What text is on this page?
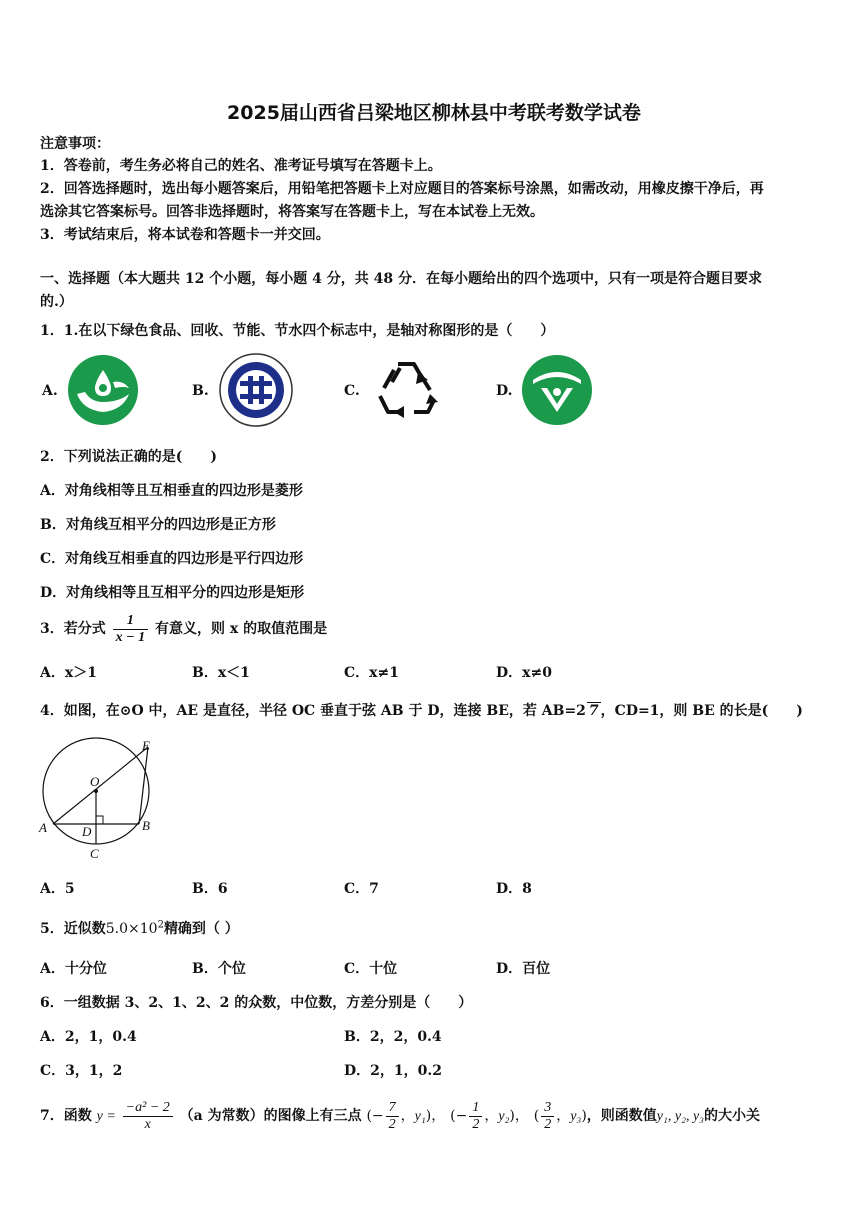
2025届山西省吕梁地区柳林县中考联考数学试卷
注意事项：
1．答卷前，考生务必将自己的姓名、准考证号填写在答题卡上。
2．回答选择题时，选出每小题答案后，用铅笔把答题卡上对应题目的答案标号涂黑，如需改动，用橡皮擦干净后，再
选涂其它答案标号。回答非选择题时，将答案写在答题卡上，写在本试卷上无效。
3．考试结束后，将本试卷和答题卡一并交回。
一、选择题（本大题共 12 个小题，每小题 4 分，共 48 分．在每小题给出的四个选项中，只有一项是符合题目要求
的.）
1．1.在以下绿色食品、回收、节能、节水四个标志中，是轴对称图形的是（　　）
A.	B.	C.	D.
2．下列说法正确的是(　　)
A．对角线相等且互相垂直的四边形是菱形
B．对角线互相平分的四边形是正方形
C．对角线互相垂直的四边形是平行四边形
D．对角线相等且互相平分的四边形是矩形
3．若分式 $\frac{1}{x - 1}$ 有意义，则 x 的取值范围是
A．x＞1	B．x＜1	C．x≠1	D．x≠0
4．如图，在⊙O 中，AE 是直径，半径 OC 垂直于弦 AB 于 D，连接 BE，若 AB=2 7 ，CD=1，则 BE 的长是(　　)
E
O
A	D	B
C
A．5	B．6	C．7	D．8
5．近似数$5.0\times 10^2$精确到（ ）
A．十分位	B．个位	C．十位	D．百位
6．一组数据 3、2、1、2、2 的众数，中位数，方差分别是（　　）
A．2，1，0.4	B．2，2，0.4
C．3，1，2	D．2，1，0.2
7．函数 $y = \frac{\text{−a² − 2}}{x} (a$ 为常数）的图像上有三点 (− $\frac{7}{2}$ ，y₁)， (− $\frac{1}{2}$ ，y₂)， ( $\frac{3}{2}$ ，y₃)，则函数值y₁, y₂, y₃的大小关
